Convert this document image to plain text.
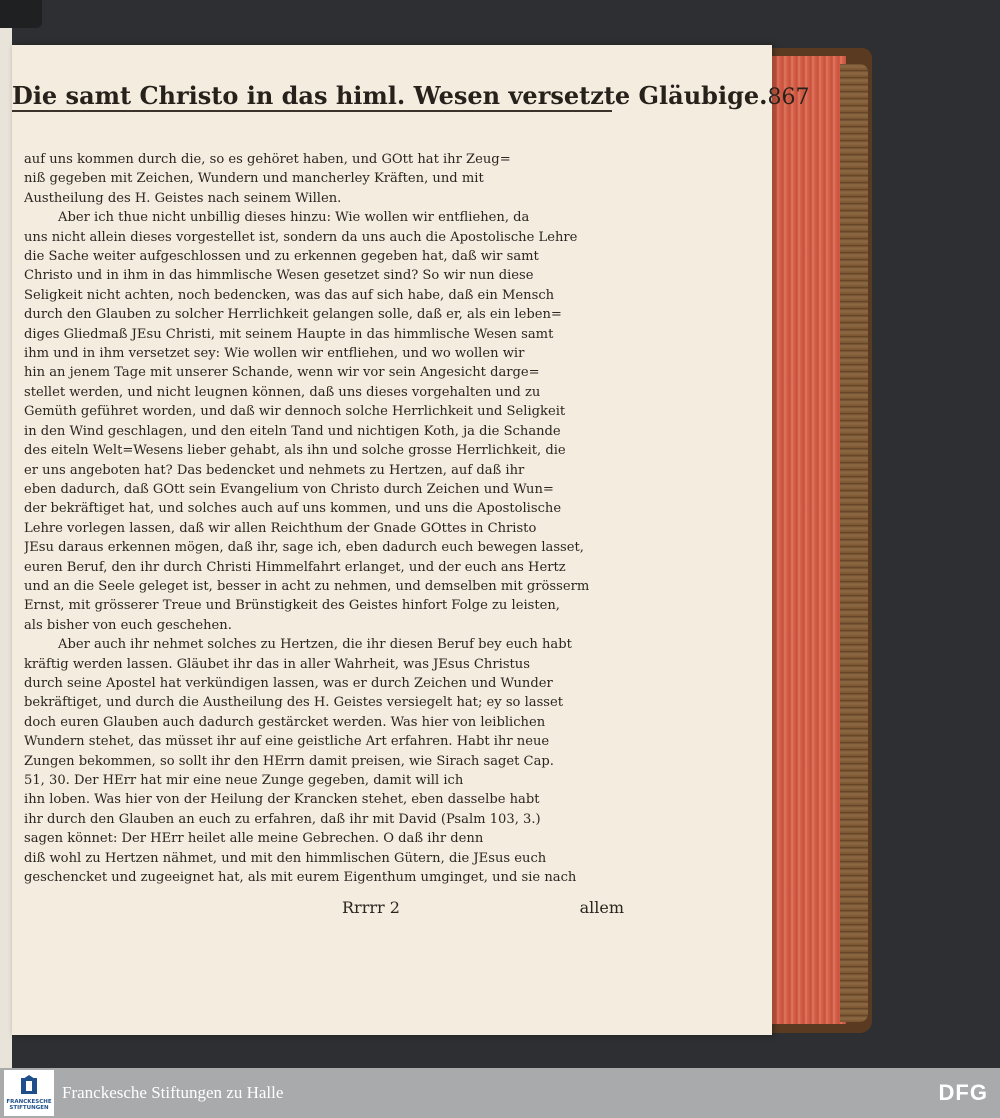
Die samt Christo in das himl. Wesen versetzte Gläubige. 867
auf uns kommen durch die, so es gehöret haben, und GOtt hat ihr Zeug=
niß gegeben mit Zeichen, Wundern und mancherley Kräften, und mit
Austheilung des H. Geistes nach seinem Willen.
Aber ich thue nicht unbillig dieses hinzu: Wie wollen wir entfliehen, da
uns nicht allein dieses vorgestellet ist, sondern da uns auch die Apostolische Lehre
die Sache weiter aufgeschlossen und zu erkennen gegeben hat, daß wir samt
Christo und in ihm in das himmlische Wesen gesetzet sind? So wir nun diese
Seligkeit nicht achten, noch bedencken, was das auf sich habe, daß ein Mensch
durch den Glauben zu solcher Herrlichkeit gelangen solle, daß er, als ein leben=
diges Gliedmaß JEsu Christi, mit seinem Haupte in das himmlische Wesen samt
ihm und in ihm versetzet sey: Wie wollen wir entfliehen, und wo wollen wir
hin an jenem Tage mit unserer Schande, wenn wir vor sein Angesicht darge=
stellet werden, und nicht leugnen können, daß uns dieses vorgehalten und zu
Gemüth geführet worden, und daß wir dennoch solche Herrlichkeit und Seligkeit
in den Wind geschlagen, und den eiteln Tand und nichtigen Koth, ja die Schande
des eiteln Welt=Wesens lieber gehabt, als ihn und solche grosse Herrlichkeit, die
er uns angeboten hat? Das bedencket und nehmets zu Hertzen, auf daß ihr
eben dadurch, daß GOtt sein Evangelium von Christo durch Zeichen und Wun=
der bekräftiget hat, und solches auch auf uns kommen, und uns die Apostolische
Lehre vorlegen lassen, daß wir allen Reichthum der Gnade GOttes in Christo
JEsu daraus erkennen mögen, daß ihr, sage ich, eben dadurch euch bewegen lasset,
euren Beruf, den ihr durch Christi Himmelfahrt erlanget, und der euch ans Hertz
und an die Seele geleget ist, besser in acht zu nehmen, und demselben mit grösserm
Ernst, mit grösserer Treue und Brünstigkeit des Geistes hinfort Folge zu leisten,
als bisher von euch geschehen.
Aber auch ihr nehmet solches zu Hertzen, die ihr diesen Beruf bey euch habt
kräftig werden lassen. Gläubet ihr das in aller Wahrheit, was JEsus Christus
durch seine Apostel hat verkündigen lassen, was er durch Zeichen und Wunder
bekräftiget, und durch die Austheilung des H. Geistes versiegelt hat; ey so lasset
doch euren Glauben auch dadurch gestärcket werden. Was hier von leiblichen
Wundern stehet, das müsset ihr auf eine geistliche Art erfahren. Habt ihr neue
Zungen bekommen, so sollt ihr den HErrn damit preisen, wie Sirach saget Cap.
51, 30. Der HErr hat mir eine neue Zunge gegeben, damit will ich
ihn loben. Was hier von der Heilung der Krancken stehet, eben dasselbe habt
ihr durch den Glauben an euch zu erfahren, daß ihr mit David (Psalm 103, 3.)
sagen könnet: Der HErr heilet alle meine Gebrechen. O daß ihr denn
diß wohl zu Hertzen nähmet, und mit den himmlischen Gütern, die JEsus euch
geschencket und zugeeignet hat, als mit eurem Eigenthum umginget, und sie nach
Rrrrr 2	allem
FRANCKESCHE
STIFTUNGEN
Franckesche Stiftungen zu Halle	DFG
